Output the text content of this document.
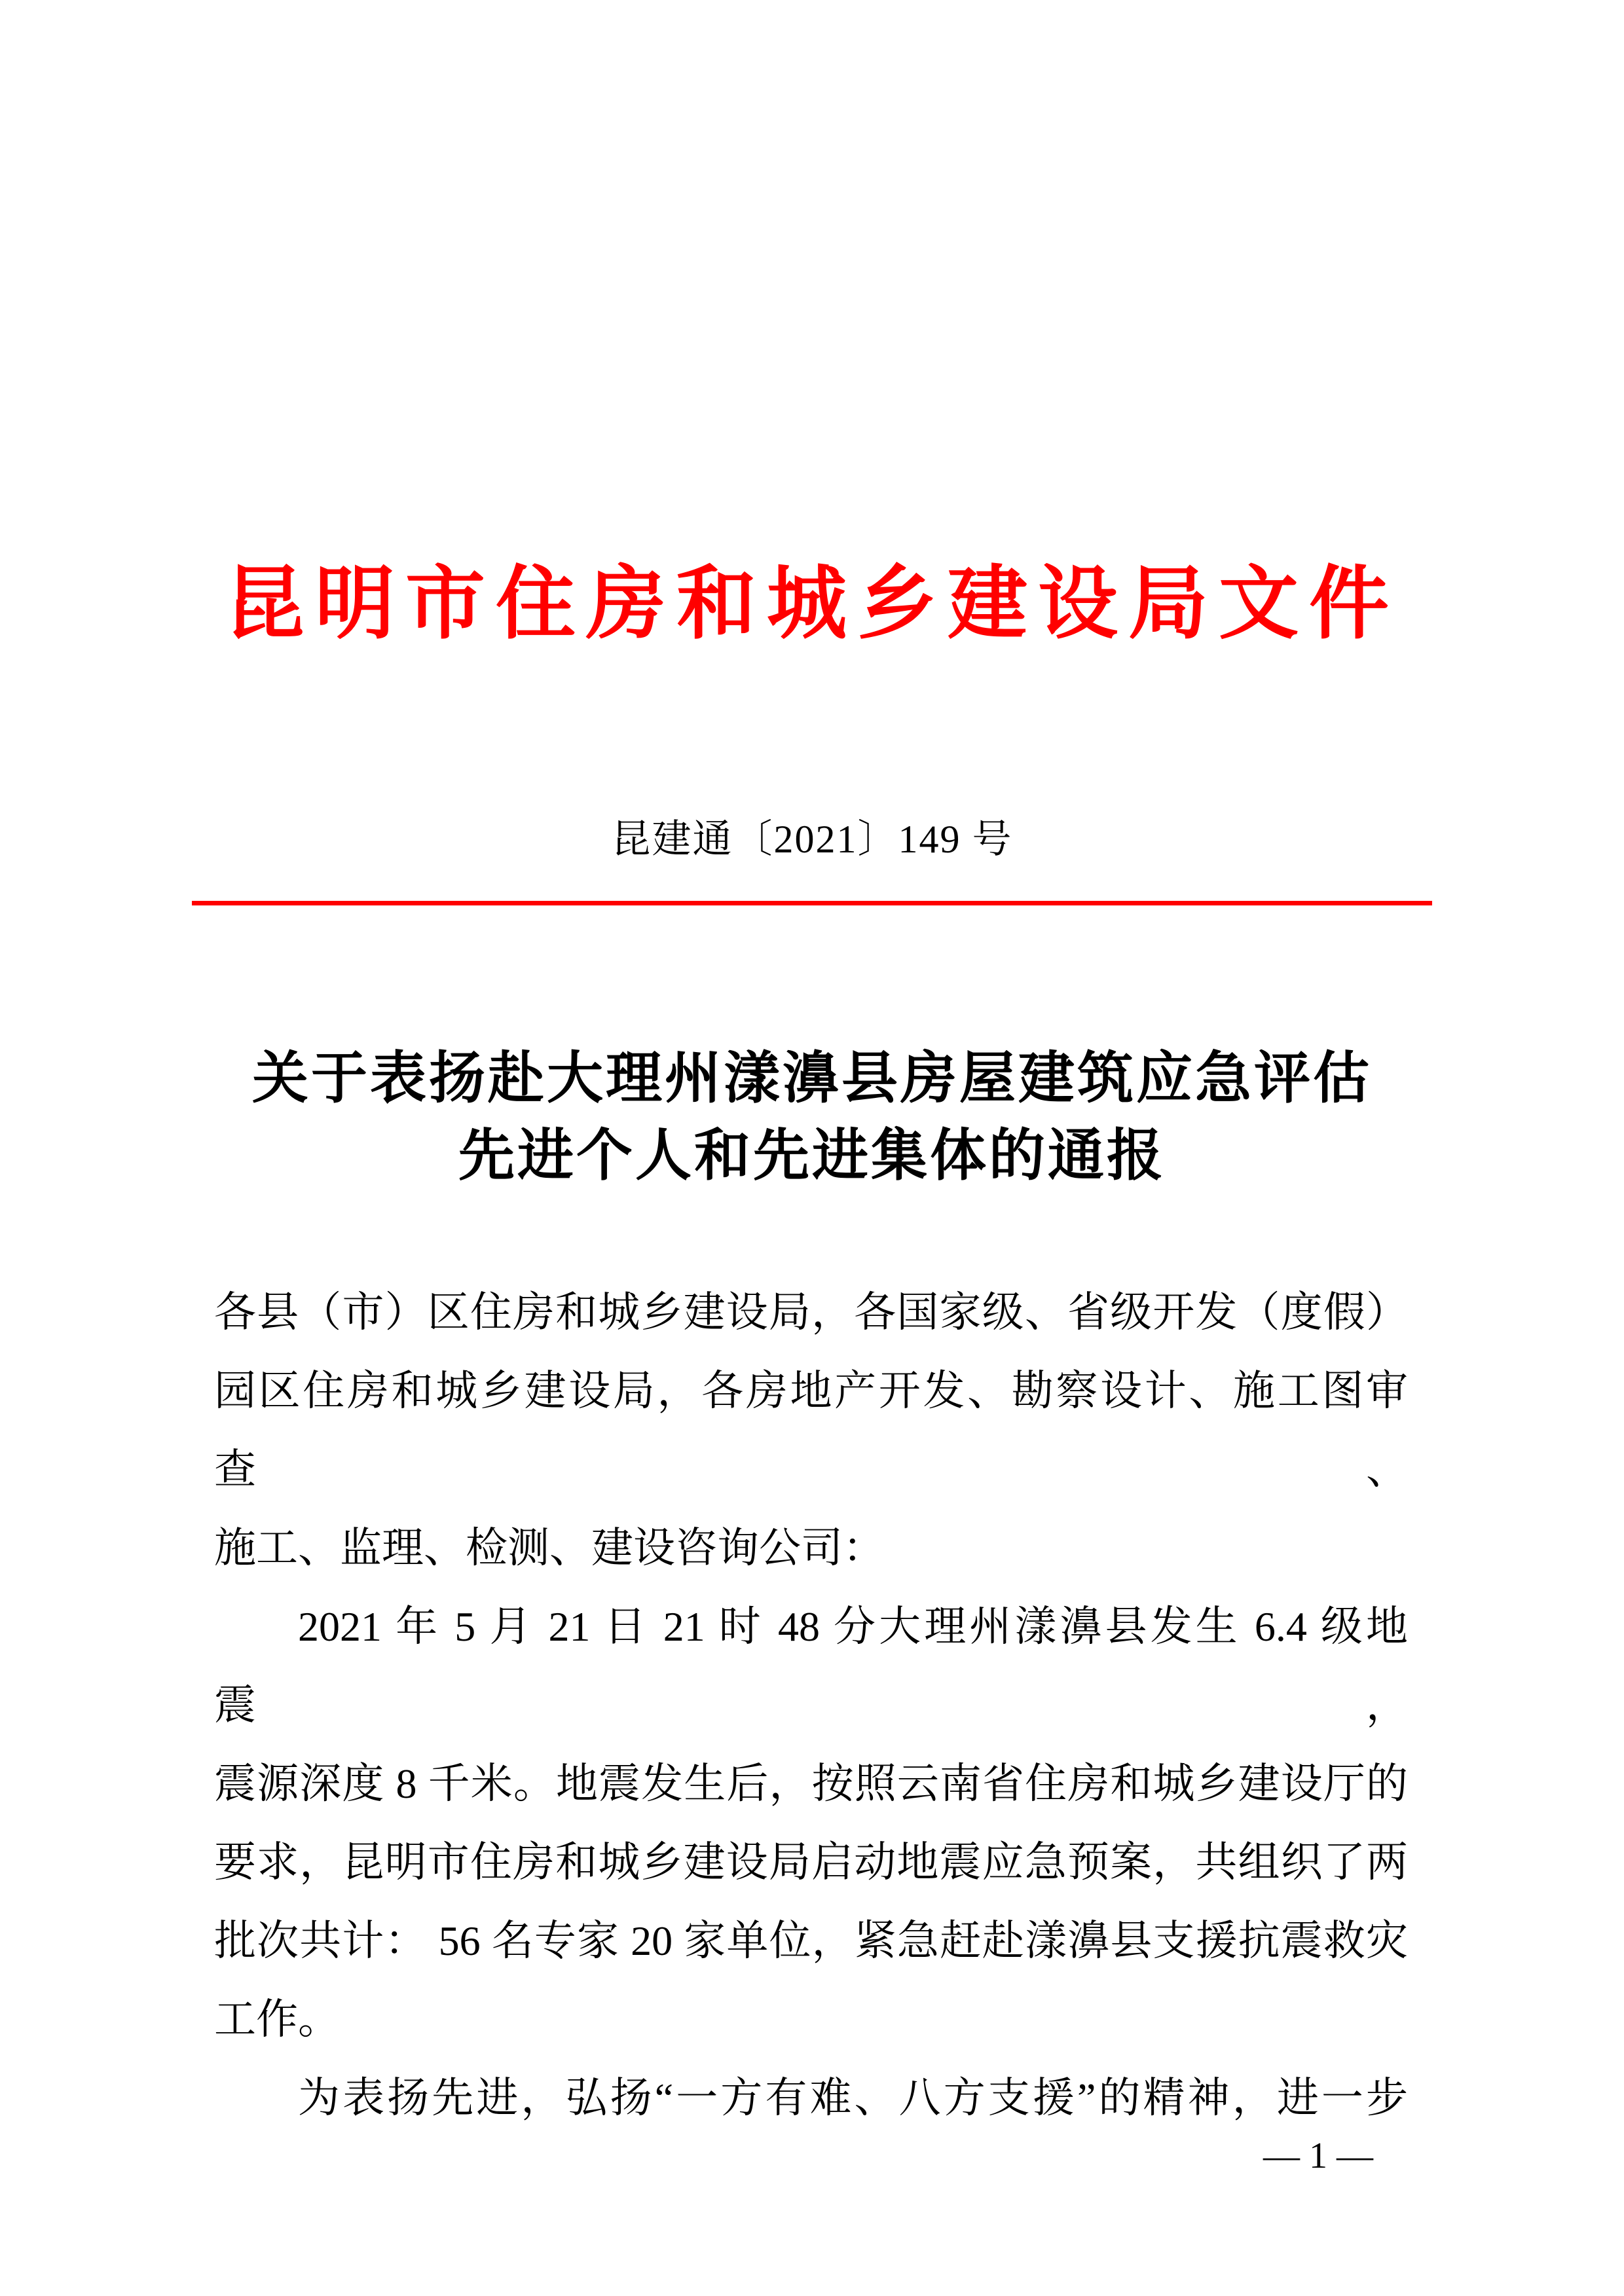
昆明市住房和城乡建设局文件
昆建通〔2021〕149 号
关于表扬赴大理州漾濞县房屋建筑应急评估
先进个人和先进集体的通报
各县（市）区住房和城乡建设局，各国家级、省级开发（度假）
园区住房和城乡建设局，各房地产开发、勘察设计、施工图审查、
施工、监理、检测、建设咨询公司：
2021 年 5 月 21 日 21 时 48 分大理州漾濞县发生 6.4 级地震，
震源深度 8 千米。地震发生后，按照云南省住房和城乡建设厅的
要求，昆明市住房和城乡建设局启动地震应急预案，共组织了两
批次共计： 56 名专家 20 家单位，紧急赶赴漾濞县支援抗震救灾
工作。
为表扬先进，弘扬“一方有难、八方支援”的精神，进一步
— 1 —
